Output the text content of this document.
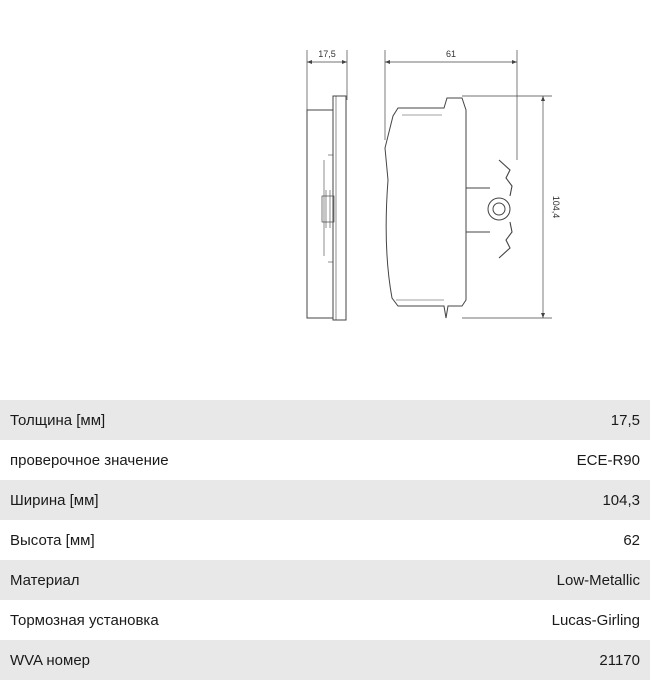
17,5	61
104,4
Толщина [мм]	17,5
проверочное значение	ECE-R90
Ширина [мм]	104,3
Высота [мм]	62
Материал	Low-Metallic
Тормозная установка	Lucas-Girling
WVA номер	21170
